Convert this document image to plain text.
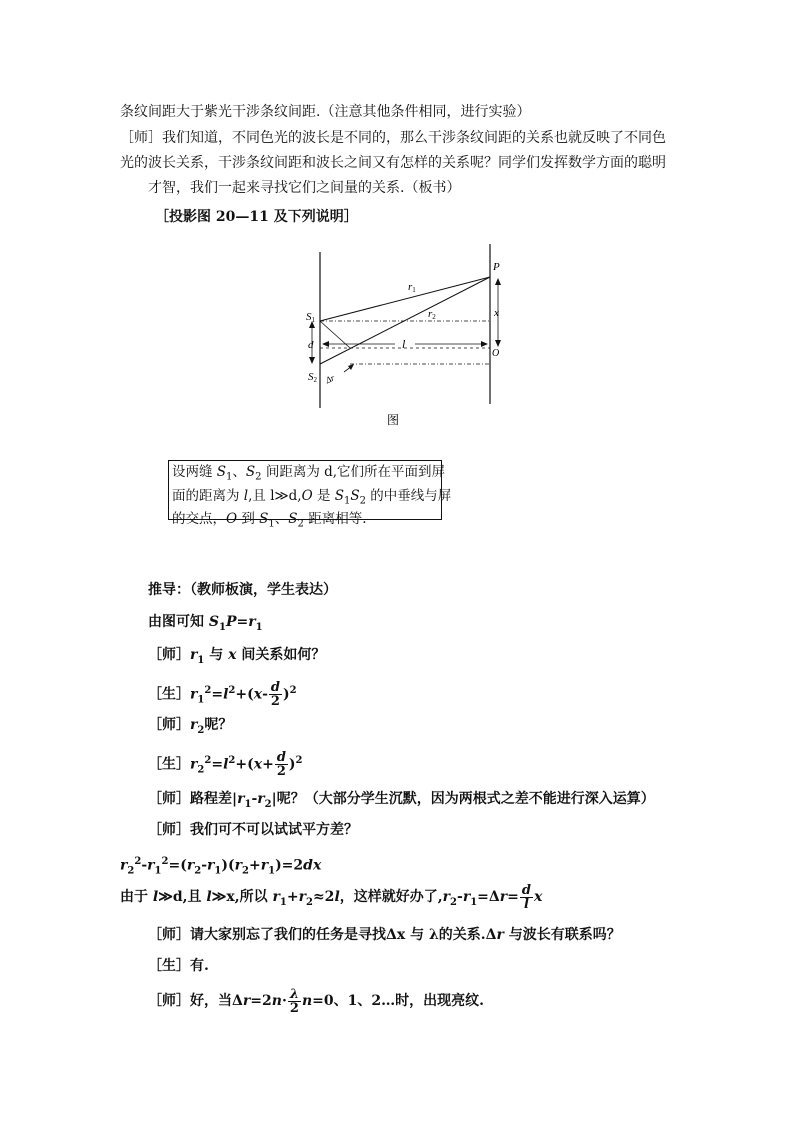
条纹间距大于紫光干涉条纹间距.（注意其他条件相同，进行实验）
［师］我们知道，不同色光的波长是不同的，那么干涉条纹间距的关系也就反映了不同色
光的波长关系，干涉条纹间距和波长之间又有怎样的关系呢？同学们发挥数学方面的聪明
才智，我们一起来寻找它们之间量的关系.（板书）
［投影图 20—11 及下列说明］
P
r1
r2	x
S1
d	l
O
S2 Δr
图
设两缝 $S_1$、$S_2$ 间距离为 d,它们所在平面到屏
面的距离为 l,且 l≫d,O 是 $S_1S_2$ 的中垂线与屏
的交点，O 到 $S_1$、$S_2$ 距离相等.
推导：（教师板演，学生表达）
由图可知 $S_1P=r_1$
［师$]r_1$ 与 x 间关系如何？
［生$]r_1^2=l^2+(x- \frac{d}{2} )^2$
［师$]r_2$呢？
［生$]r_2^2=l^2+(x+ \frac{d}{2} )^2$
［师］路程差$|r_1-r_2|$呢？（大部分学生沉默，因为两根式之差不能进行深入运算）
［师］我们可不可以试试平方差？
$r_2^2-r_1^2=(r_2-r_1)(r_2+r_1)=2dx$
由于 l≫d,且 l≫x,所以 $r_1+r_2\approx 2l$，这样就好办了$,r_2-r_1=\Delta r= \frac{d}{l}$ x
［师］请大家别忘了我们的任务是寻找Δx 与 λ的关系.Δr 与波长有联系吗？
［生］有.
［师］好，当$\Delta r=2n\cdot \frac{\lambda}{2} n=0$、1、2…时，出现亮纹.
